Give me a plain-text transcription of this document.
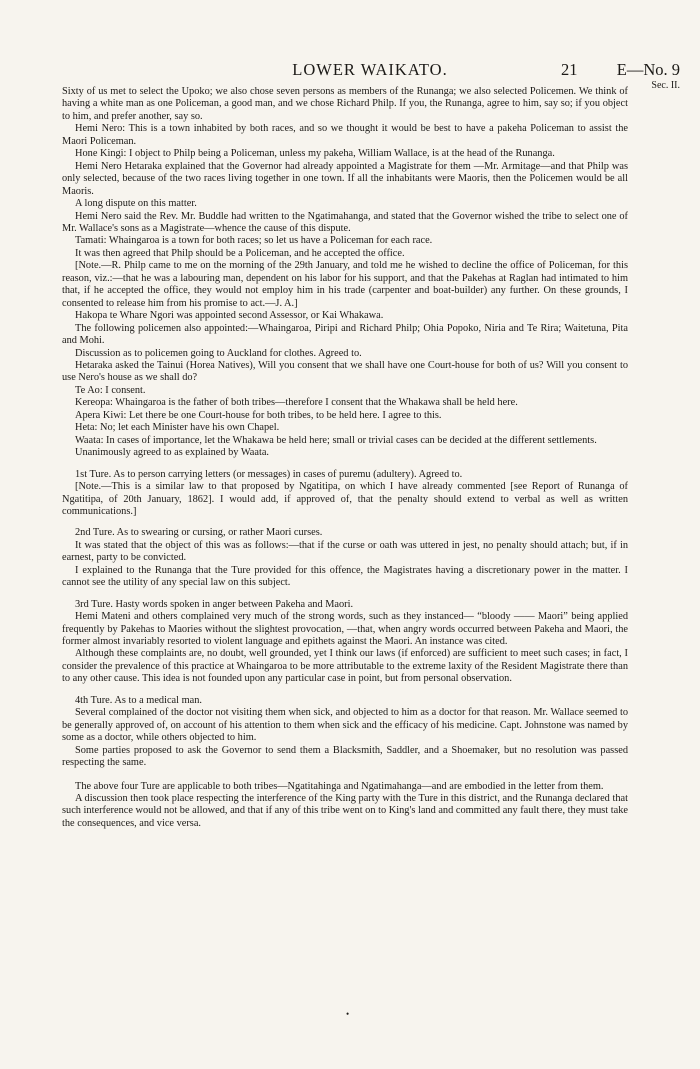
LOWER WAIKATO.	21 E—No. 9
Sec. II.

Sixty of us met to select the Upoko; we also chose seven persons as members of the Runanga; we also selected Policemen. We think of having a white man as one Policeman, a good man, and we chose Richard Philp. If you, the Runanga, agree to him, say so; if you object to him, and prefer another, say so.

Hemi Nero: This is a town inhabited by both races, and so we thought it would be best to have a pakeha Policeman to assist the Maori Policeman.

Hone Kingi: I object to Philp being a Policeman, unless my pakeha, William Wallace, is at the head of the Runanga.

Hemi Nero Hetaraka explained that the Governor had already appointed a Magistrate for them —Mr. Armitage—and that Philp was only selected, because of the two races living together in one town. If all the inhabitants were Maoris, then the Policemen would be all Maoris.

A long dispute on this matter.

Hemi Nero said the Rev. Mr. Buddle had written to the Ngatimahanga, and stated that the Governor wished the tribe to select one of Mr. Wallace's sons as a Magistrate—whence the cause of this dispute.

Tamati: Whaingaroa is a town for both races; so let us have a Policeman for each race.

It was then agreed that Philp should be a Policeman, and he accepted the office.

[Note.—R. Philp came to me on the morning of the 29th January, and told me he wished to decline the office of Policeman, for this reason, viz.:—that he was a labouring man, dependent on his labor for his support, and that the Pakehas at Raglan had intimated to him that, if he accepted the office, they would not employ him in his trade (carpenter and boat-builder) any further. On these grounds, I consented to release him from his promise to act.—J. A.]

Hakopa te Whare Ngori was appointed second Assessor, or Kai Whakawa.

The following policemen also appointed:—Whaingaroa, Piripi and Richard Philp; Ohia Popoko, Niria and Te Rira; Waitetuna, Pita and Mohi.

Discussion as to policemen going to Auckland for clothes. Agreed to.

Hetaraka asked the Tainui (Horea Natives), Will you consent that we shall have one Court-house for both of us? Will you consent to use Nero's house as we shall do?

Te Ao: I consent.

Kereopa: Whaingaroa is the father of both tribes—therefore I consent that the Whakawa shall be held here.

Apera Kiwi: Let there be one Court-house for both tribes, to be held here. I agree to this.

Heta: No; let each Minister have his own Chapel.

Waata: In cases of importance, let the Whakawa be held here; small or trivial cases can be decided at the different settlements.

Unanimously agreed to as explained by Waata.

1st Ture. As to person carrying letters (or messages) in cases of puremu (adultery). Agreed to.

[Note.—This is a similar law to that proposed by Ngatitipa, on which I have already commented [see Report of Runanga of Ngatitipa, of 20th January, 1862]. I would add, if approved of, that the penalty should extend to verbal as well as written communications.]

2nd Ture. As to swearing or cursing, or rather Maori curses.

It was stated that the object of this was as follows:—that if the curse or oath was uttered in jest, no penalty should attach; but, if in earnest, party to be convicted.

I explained to the Runanga that the Ture provided for this offence, the Magistrates having a discretionary power in the matter. I cannot see the utility of any special law on this subject.

3rd Ture. Hasty words spoken in anger between Pakeha and Maori.

Hemi Mateni and others complained very much of the strong words, such as they instanced— “bloody —— Maori” being applied frequently by Pakehas to Maories without the slightest provocation, —that, when angry words occurred between Pakeha and Maori, the former almost invariably resorted to violent language and epithets against the Maori. An instance was cited.

Although these complaints are, no doubt, well grounded, yet I think our laws (if enforced) are sufficient to meet such cases; in fact, I consider the prevalence of this practice at Whaingaroa to be more attributable to the extreme laxity of the Resident Magistrate there than to any other cause. This idea is not founded upon any particular case in point, but from personal observation.

4th Ture. As to a medical man.

Several complained of the doctor not visiting them when sick, and objected to him as a doctor for that reason. Mr. Wallace seemed to be generally approved of, on account of his attention to them when sick and the efficacy of his medicine. Capt. Johnstone was named by some as a doctor, while others objected to him.

Some parties proposed to ask the Governor to send them a Blacksmith, Saddler, and a Shoemaker, but no resolution was passed respecting the same.

The above four Ture are applicable to both tribes—Ngatitahinga and Ngatimahanga—and are embodied in the letter from them.

A discussion then took place respecting the interference of the King party with the Ture in this district, and the Runanga declared that such interference would not be allowed, and that if any of this tribe went on to King's land and committed any fault there, they must take the consequences, and vice versa.

•
